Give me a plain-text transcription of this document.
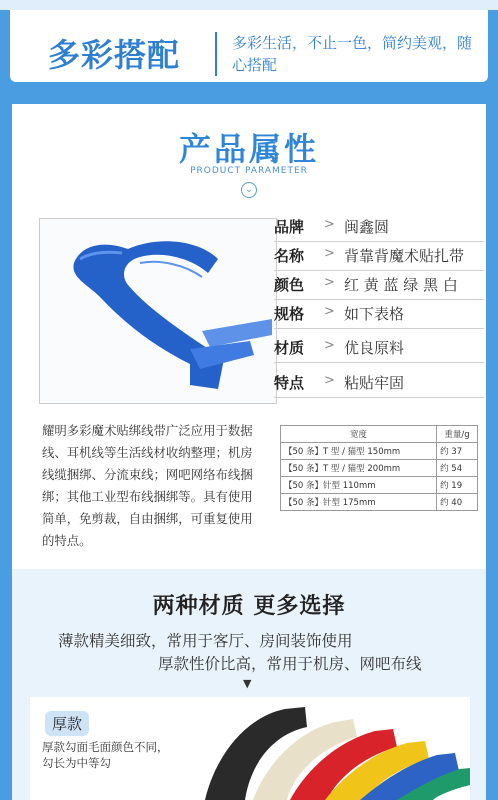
多彩搭配	多彩生活，不止一色，简约美观，随心搭配
产品属性
PRODUCT PARAMETER
⌄
品牌 > 闽鑫圆
名称 > 背靠背魔术贴扎带
颜色 > 红 黄 蓝 绿 黑 白
规格 > 如下表格
材质 > 优良原料
特点 > 粘贴牢固
耀明多彩魔术贴绑线带广泛应用于数据线、耳机线等生活线材收纳整理；机房线缆捆绑、分流束线；网吧网络布线捆绑；其他工业型布线捆绑等。具有使用简单，免剪裁，自由捆绑，可重复使用的特点。
宽度	重量/g
【50 条】T 型 / 猫型 150mm	约 37
【50 条】T 型 / 猫型 200mm	约 54
【50 条】针型 110mm	约 19
【50 条】针型 175mm	约 40
两种材质 更多选择
薄款精美细致，常用于客厅、房间装饰使用
厚款性价比高，常用于机房、网吧布线
▼
厚款
厚款勾面毛面颜色不同，勾长为中等勾
